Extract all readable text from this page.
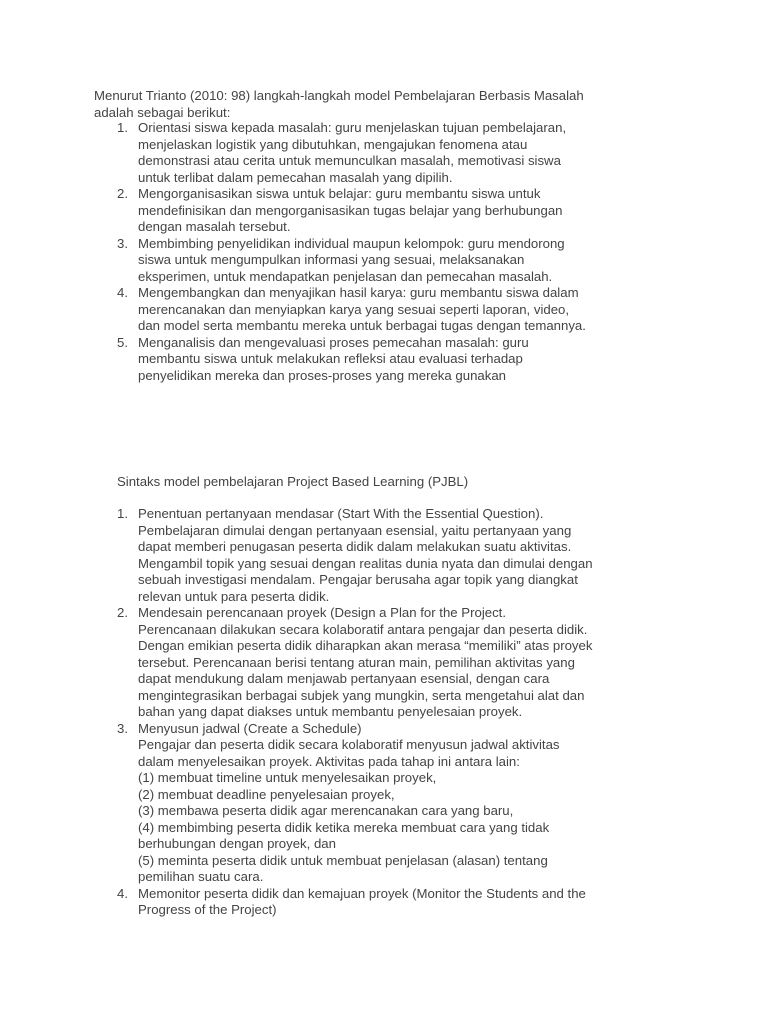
Menurut Trianto (2010: 98) langkah-langkah model Pembelajaran Berbasis Masalah
adalah sebagai berikut:

1. Orientasi siswa kepada masalah: guru menjelaskan tujuan pembelajaran,
menjelaskan logistik yang dibutuhkan, mengajukan fenomena atau
demonstrasi atau cerita untuk memunculkan masalah, memotivasi siswa
untuk terlibat dalam pemecahan masalah yang dipilih.
2. Mengorganisasikan siswa untuk belajar: guru membantu siswa untuk
mendefinisikan dan mengorganisasikan tugas belajar yang berhubungan
dengan masalah tersebut.
3. Membimbing penyelidikan individual maupun kelompok: guru mendorong
siswa untuk mengumpulkan informasi yang sesuai, melaksanakan
eksperimen, untuk mendapatkan penjelasan dan pemecahan masalah.
4. Mengembangkan dan menyajikan hasil karya: guru membantu siswa dalam
merencanakan dan menyiapkan karya yang sesuai seperti laporan, video,
dan model serta membantu mereka untuk berbagai tugas dengan temannya.
5. Menganalisis dan mengevaluasi proses pemecahan masalah: guru
membantu siswa untuk melakukan refleksi atau evaluasi terhadap
penyelidikan mereka dan proses-proses yang mereka gunakan

Sintaks model pembelajaran Project Based Learning (PJBL)

1. Penentuan pertanyaan mendasar (Start With the Essential Question).
Pembelajaran dimulai dengan pertanyaan esensial, yaitu pertanyaan yang
dapat memberi penugasan peserta didik dalam melakukan suatu aktivitas.
Mengambil topik yang sesuai dengan realitas dunia nyata dan dimulai dengan
sebuah investigasi mendalam. Pengajar berusaha agar topik yang diangkat
relevan untuk para peserta didik.
2. Mendesain perencanaan proyek (Design a Plan for the Project.
Perencanaan dilakukan secara kolaboratif antara pengajar dan peserta didik.
Dengan emikian peserta didik diharapkan akan merasa “memiliki” atas proyek
tersebut. Perencanaan berisi tentang aturan main, pemilihan aktivitas yang
dapat mendukung dalam menjawab pertanyaan esensial, dengan cara
mengintegrasikan berbagai subjek yang mungkin, serta mengetahui alat dan
bahan yang dapat diakses untuk membantu penyelesaian proyek.
3. Menyusun jadwal (Create a Schedule)
Pengajar dan peserta didik secara kolaboratif menyusun jadwal aktivitas
dalam menyelesaikan proyek. Aktivitas pada tahap ini antara lain:
(1) membuat timeline untuk menyelesaikan proyek,
(2) membuat deadline penyelesaian proyek,
(3) membawa peserta didik agar merencanakan cara yang baru,
(4) membimbing peserta didik ketika mereka membuat cara yang tidak
berhubungan dengan proyek, dan
(5) meminta peserta didik untuk membuat penjelasan (alasan) tentang
pemilihan suatu cara.
4. Memonitor peserta didik dan kemajuan proyek (Monitor the Students and the
Progress of the Project)
